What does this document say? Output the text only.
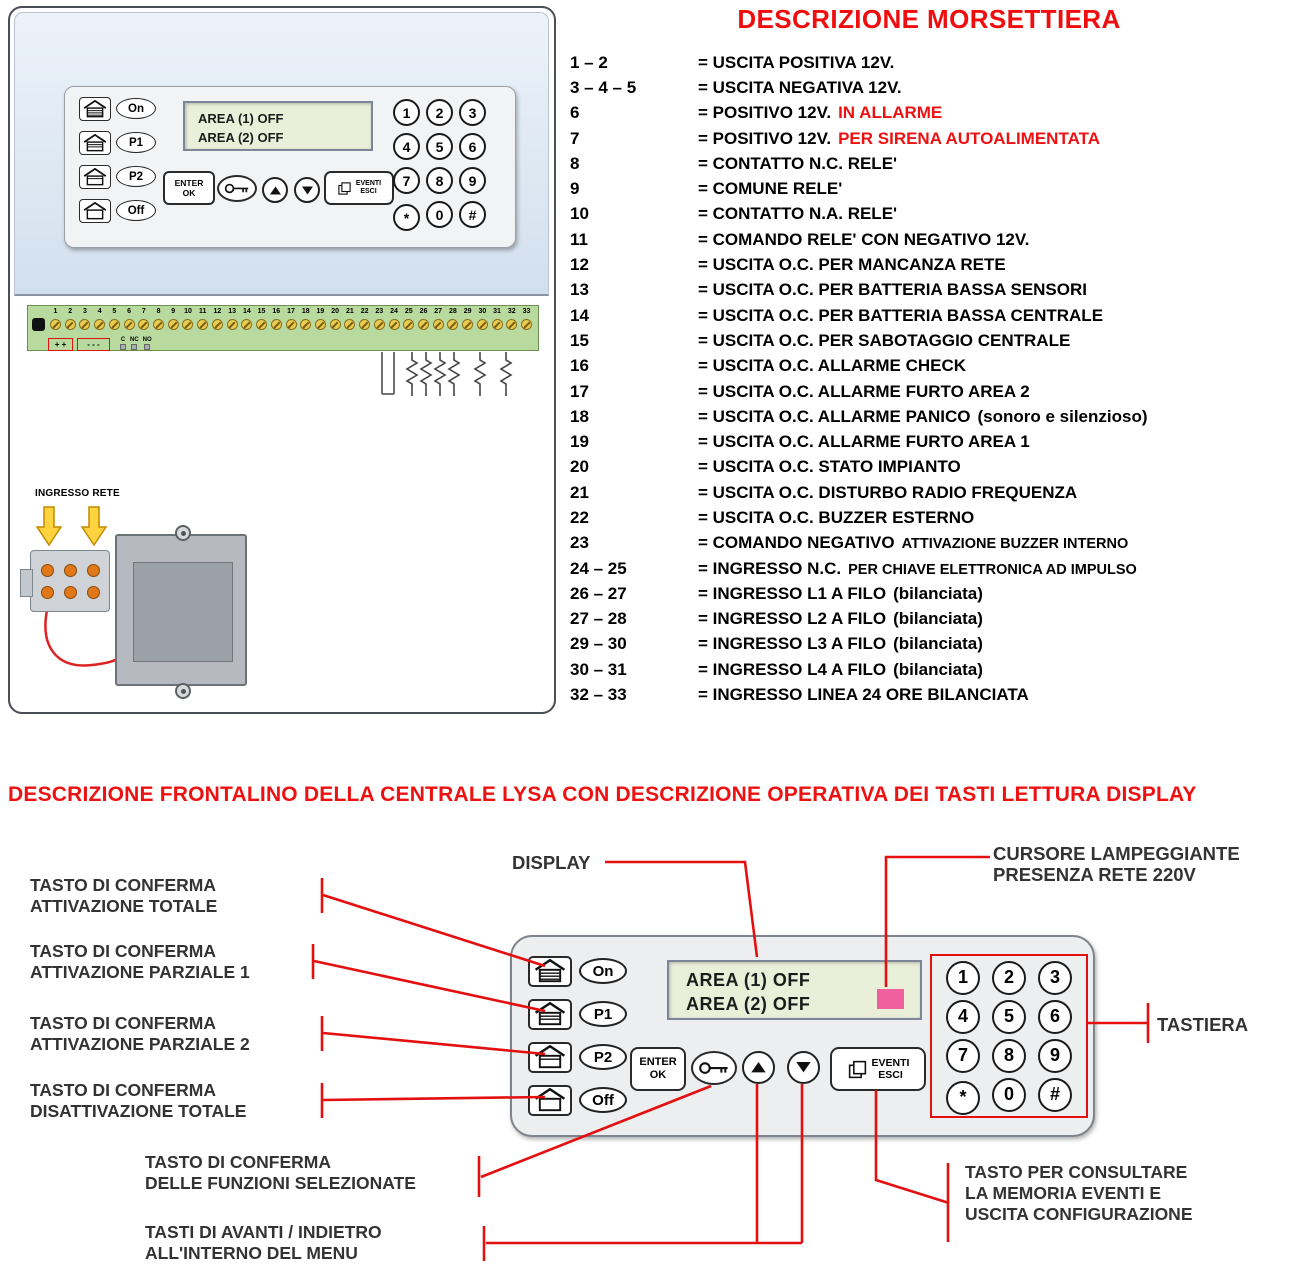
On
P1
P2
Off
AREA (1) OFF
AREA (2) OFF
ENTER
OK
EVENTI
ESCI
1	2	3
4	5	6
7	8	9
*	0	#
1	2	3	4	5	6	7	8	9	10 11 12 13 14 15 16 17 18 19 20 21 22 23 24 25 26 27 28 29 30 31 32 33
+ +	- - -	C NC NO
INGRESSO RETE
DESCRIZIONE MORSETTIERA
1 – 2	= USCITA POSITIVA 12V.
3 – 4 – 5	= USCITA NEGATIVA 12V.
6	= POSITIVO 12V. IN ALLARME
7	= POSITIVO 12V. PER SIRENA AUTOALIMENTATA
8	= CONTATTO N.C. RELE'
9	= COMUNE RELE'
10	= CONTATTO N.A. RELE'
11	= COMANDO RELE' CON NEGATIVO 12V.
12	= USCITA O.C. PER MANCANZA RETE
13	= USCITA O.C. PER BATTERIA BASSA SENSORI
14	= USCITA O.C. PER BATTERIA BASSA CENTRALE
15	= USCITA O.C. PER SABOTAGGIO CENTRALE
16	= USCITA O.C. ALLARME CHECK
17	= USCITA O.C. ALLARME FURTO AREA 2
18	= USCITA O.C. ALLARME PANICO (sonoro e silenzioso)
19	= USCITA O.C. ALLARME FURTO AREA 1
20	= USCITA O.C. STATO IMPIANTO
21	= USCITA O.C. DISTURBO RADIO FREQUENZA
22	= USCITA O.C. BUZZER ESTERNO
23	= COMANDO NEGATIVO ATTIVAZIONE BUZZER INTERNO
24 – 25	= INGRESSO N.C. PER CHIAVE ELETTRONICA AD IMPULSO
26 – 27	= INGRESSO L1 A FILO (bilanciata)
27 – 28	= INGRESSO L2 A FILO (bilanciata)
29 – 30	= INGRESSO L3 A FILO (bilanciata)
30 – 31	= INGRESSO L4 A FILO (bilanciata)
32 – 33	= INGRESSO LINEA 24 ORE BILANCIATA
DESCRIZIONE FRONTALINO DELLA CENTRALE LYSA CON DESCRIZIONE OPERATIVA DEI TASTI LETTURA DISPLAY
On
P1
P2
Off
AREA (1) OFF
AREA (2) OFF
ENTER
OK
EVENTI
ESCI
1	2	3
4	5	6
7	8	9
*	0	#
TASTO DI CONFERMA
ATTIVAZIONE TOTALE
TASTO DI CONFERMA
ATTIVAZIONE PARZIALE 1
TASTO DI CONFERMA
ATTIVAZIONE PARZIALE 2
TASTO DI CONFERMA
DISATTIVAZIONE TOTALE
DISPLAY	CURSORE LAMPEGGIANTE
PRESENZA RETE 220V
TASTIERA
TASTO DI CONFERMA
DELLE FUNZIONI SELEZIONATE
TASTI DI AVANTI / INDIETRO
ALL'INTERNO DEL MENU
TASTO PER CONSULTARE
LA MEMORIA EVENTI E
USCITA CONFIGURAZIONE
